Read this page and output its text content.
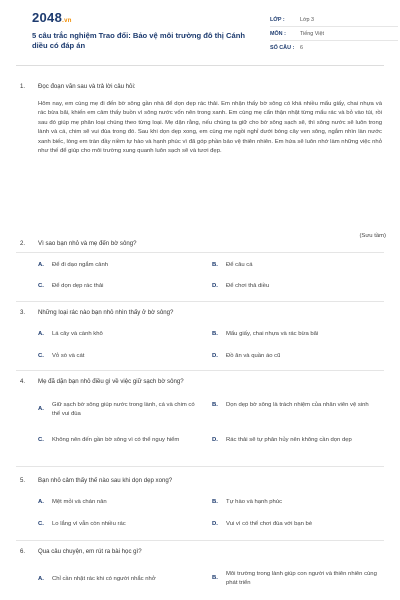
2048.vn
5 câu trắc nghiệm Trao đổi: Bảo vệ môi trường đô thị Cánh diều có đáp án
LỚP :	Lớp 3
MÔN :	Tiếng Việt
SỐ CÂU :	6
1.	Đọc đoạn văn sau và trả lời câu hỏi:
Hôm nay, em cùng mẹ đi đến bờ sông gần nhà để dọn dẹp rác thải. Em nhận thấy bờ sông có khá nhiều mẩu giấy, chai nhựa và rác bừa bãi, khiến em cảm thấy buồn vì sông nước vốn nên trong xanh. Em cùng mẹ cẩn thận nhặt từng mẩu rác và bỏ vào túi, rồi sau đó giúp mẹ phân loại chúng theo từng loại. Mẹ dặn rằng, nếu chúng ta giữ cho bờ sông sạch sẽ, thì sông nước sẽ luôn trong lành và cá, chim sẽ vui đùa trong đó. Sau khi dọn dẹp xong, em cùng mẹ ngồi nghỉ dưới bóng cây ven sông, ngắm nhìn làn nước xanh biếc, lòng em tràn đầy niềm tự hào và hạnh phúc vì đã góp phần bảo vệ thiên nhiên. Em hứa sẽ luôn nhớ làm những việc nhỏ như thế để giúp cho môi trường xung quanh luôn sạch sẽ và tươi đẹp.
(Sưu tầm)
2.	Vì sao bạn nhỏ và mẹ đến bờ sông?
A.	Để đi dạo ngắm cảnh	B.	Để câu cá
C.	Để dọn dẹp rác thải	D.	Để chơi thả diều
3.	Những loại rác nào bạn nhỏ nhìn thấy ở bờ sông?
A.	Lá cây và cành khô	B.	Mẩu giấy, chai nhựa và rác bừa bãi
C.	Vỏ sò và cát	D.	Đồ ăn và quần áo cũ
4.	Mẹ đã dặn bạn nhỏ điều gì về việc giữ sạch bờ sông?
A.
Giữ sạch bờ sông giúp nước trong lành, cá và chim có thể vui đùa
B.	Dọn dẹp bờ sông là trách nhiệm của nhân viên vệ sinh
C.	Không nên đến gần bờ sông vì có thể nguy hiểm	D.	Rác thải sẽ tự phân hủy nên không cần dọn dẹp
5.	Bạn nhỏ cảm thấy thế nào sau khi dọn dẹp xong?
A.	Mệt mỏi và chán nản	B.	Tự hào và hạnh phúc
C.	Lo lắng vì vẫn còn nhiều rác	D.	Vui vì có thể chơi đùa với bạn bè
6.	Qua câu chuyện, em rút ra bài học gì?
A.	Chỉ cần nhặt rác khi có người nhắc nhở	B.
Môi trường trong lành giúp con người và thiên nhiên cùng phát triển
